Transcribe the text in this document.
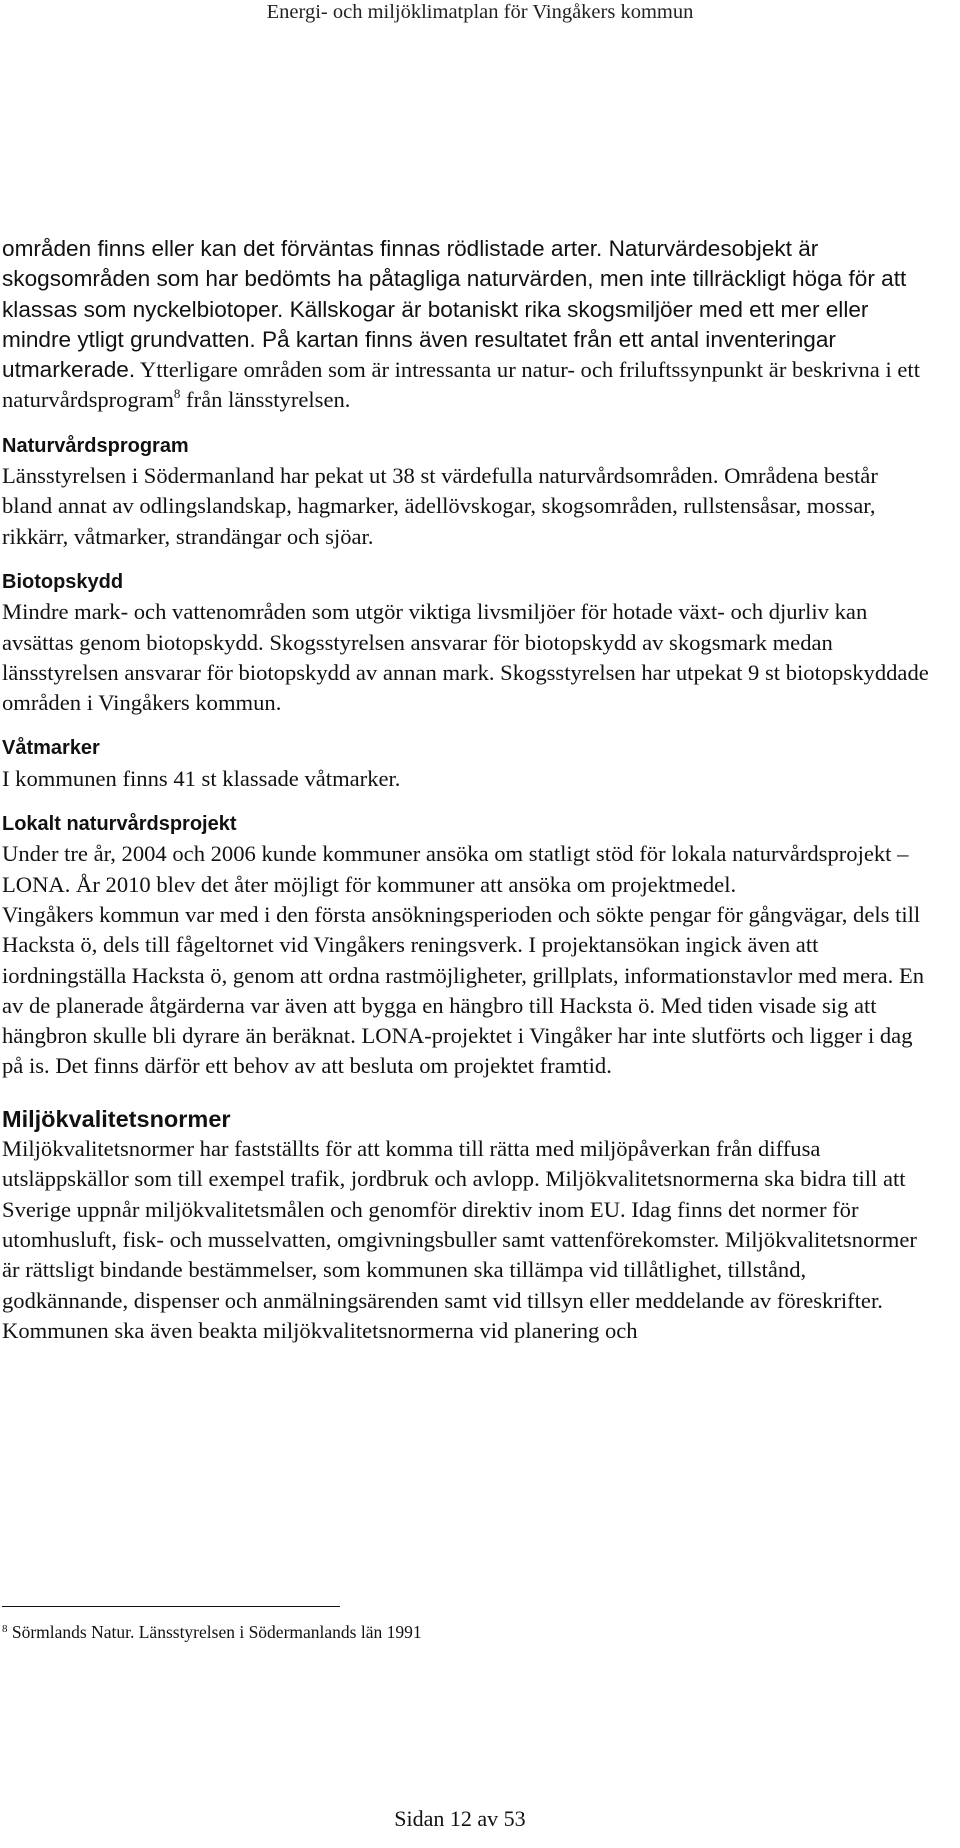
Energi- och miljöklimatplan för Vingåkers kommun

områden finns eller kan det förväntas finnas rödlistade arter. Naturvärdesobjekt är skogsområden som har bedömts ha påtagliga naturvärden, men inte tillräckligt höga för att klassas som nyckelbiotoper. Källskogar är botaniskt rika skogsmiljöer med ett mer eller mindre ytligt grundvatten. På kartan finns även resultatet från ett antal inventeringar utmarkerade. Ytterligare områden som är intressanta ur natur- och friluftssynpunkt är beskrivna i ett naturvårdsprogram$^8$ från länsstyrelsen.

Naturvårdsprogram

Länsstyrelsen i Södermanland har pekat ut 38 st värdefulla naturvårdsområden. Områdena består bland annat av odlingslandskap, hagmarker, ädellövskogar, skogsområden, rullstensåsar, mossar, rikkärr, våtmarker, strandängar och sjöar.

Biotopskydd

Mindre mark- och vattenområden som utgör viktiga livsmiljöer för hotade växt- och djurliv kan avsättas genom biotopskydd. Skogsstyrelsen ansvarar för biotopskydd av skogsmark medan länsstyrelsen ansvarar för biotopskydd av annan mark. Skogsstyrelsen har utpekat 9 st biotopskyddade områden i Vingåkers kommun.

Våtmarker

I kommunen finns 41 st klassade våtmarker.

Lokalt naturvårdsprojekt

Under tre år, 2004 och 2006 kunde kommuner ansöka om statligt stöd för lokala naturvårdsprojekt – LONA. År 2010 blev det åter möjligt för kommuner att ansöka om projektmedel.

Vingåkers kommun var med i den första ansökningsperioden och sökte pengar för gångvägar, dels till Hacksta ö, dels till fågeltornet vid Vingåkers reningsverk. I projektansökan ingick även att iordningställa Hacksta ö, genom att ordna rastmöjligheter, grillplats, informationstavlor med mera. En av de planerade åtgärderna var även att bygga en hängbro till Hacksta ö. Med tiden visade sig att hängbron skulle bli dyrare än beräknat. LONA-projektet i Vingåker har inte slutförts och ligger i dag på is. Det finns därför ett behov av att besluta om projektet framtid.

Miljökvalitetsnormer

Miljökvalitetsnormer har fastställts för att komma till rätta med miljöpåverkan från diffusa utsläppskällor som till exempel trafik, jordbruk och avlopp. Miljökvalitetsnormerna ska bidra till att Sverige uppnår miljökvalitetsmålen och genomför direktiv inom EU. Idag finns det normer för utomhusluft, fisk- och musselvatten, omgivningsbuller samt vattenförekomster. Miljökvalitetsnormer är rättsligt bindande bestämmelser, som kommunen ska tillämpa vid tillåtlighet, tillstånd, godkännande, dispenser och anmälningsärenden samt vid tillsyn eller meddelande av föreskrifter. Kommunen ska även beakta miljökvalitetsnormerna vid planering och

$^8$ Sörmlands Natur. Länsstyrelsen i Södermanlands län 1991
Sidan 12 av 53
